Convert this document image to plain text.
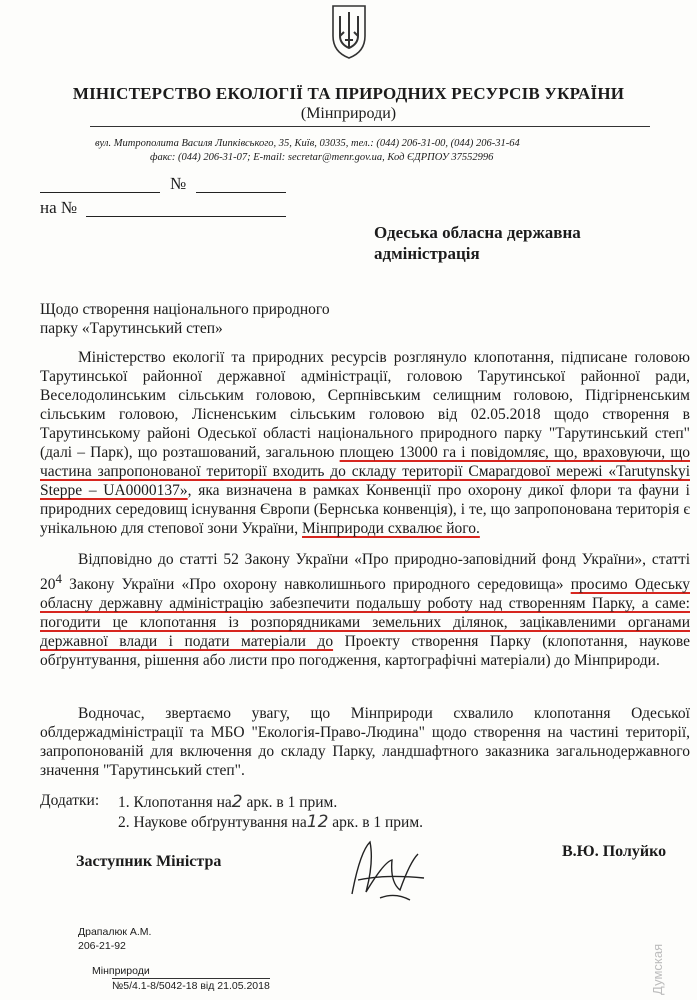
МІНІСТЕРСТВО ЕКОЛОГІЇ ТА ПРИРОДНИХ РЕСУРСІВ УКРАЇНИ
(Мінприроди)
вул. Митрополита Василя Липківського, 35, Київ, 03035, тел.: (044) 206-31-00, (044) 206-31-64
факс: (044) 206-31-07; E-mail: secretar@menr.gov.ua, Код ЄДРПОУ 37552996
№
на №
Одеська обласна державна
адміністрація
Щодо створення національного природного
парку «Тарутинський степ»
Міністерство екології та природних ресурсів розглянуло клопотання, підписане головою Тарутинської районної державної адміністрації, головою Тарутинської районної ради, Веселодолинським сільським головою, Серпнівським селищним головою, Підгірненським сільським головою, Лісненським сільським головою від 02.05.2018 щодо створення в Тарутинському районі Одеської області національного природного парку "Тарутинський степ" (далі – Парк), що розташований, загальною площею 13000 га і повідомляє, що, враховуючи, що частина запропонованої території входить до складу території Смарагдової мережі «Tarutynskyi Steppe – UA0000137», яка визначена в рамках Конвенції про охорону дикої флори та фауни і природних середовищ існування Європи (Бернська конвенція), і те, що запропонована територія є унікальною для степової зони України, Мінприроди схвалює його.
Відповідно до статті 52 Закону України «Про природно-заповідний фонд України», статті $20^4$ Закону України «Про охорону навколишнього природного середовища» просимо Одеську обласну державну адміністрацію забезпечити подальшу роботу над створенням Парку, а саме: погодити це клопотання із розпорядниками земельних ділянок, зацікавленими органами державної влади і подати матеріали до Проекту створення Парку (клопотання, наукове обґрунтування, рішення або листи про погодження, картографічні матеріали) до Мінприроди.
Водночас, звертаємо увагу, що Мінприроди схвалило клопотання Одеської облдержадміністрації та МБО "Екологія-Право-Людина" щодо створення на частині території, запропонованій для включення до складу Парку, ландшафтного заказника загальнодержавного значення "Тарутинський степ".
Додатки: 1. Клопотання на2 арк. в 1 прим.
2. Наукове обґрунтування на12 арк. в 1 прим.
Заступник Міністра
В.Ю. Полуйко
Драпалюк А.М.
206-21-92
Мінприроди
№5/4.1-8/5042-18 від 21.05.2018	Думская
